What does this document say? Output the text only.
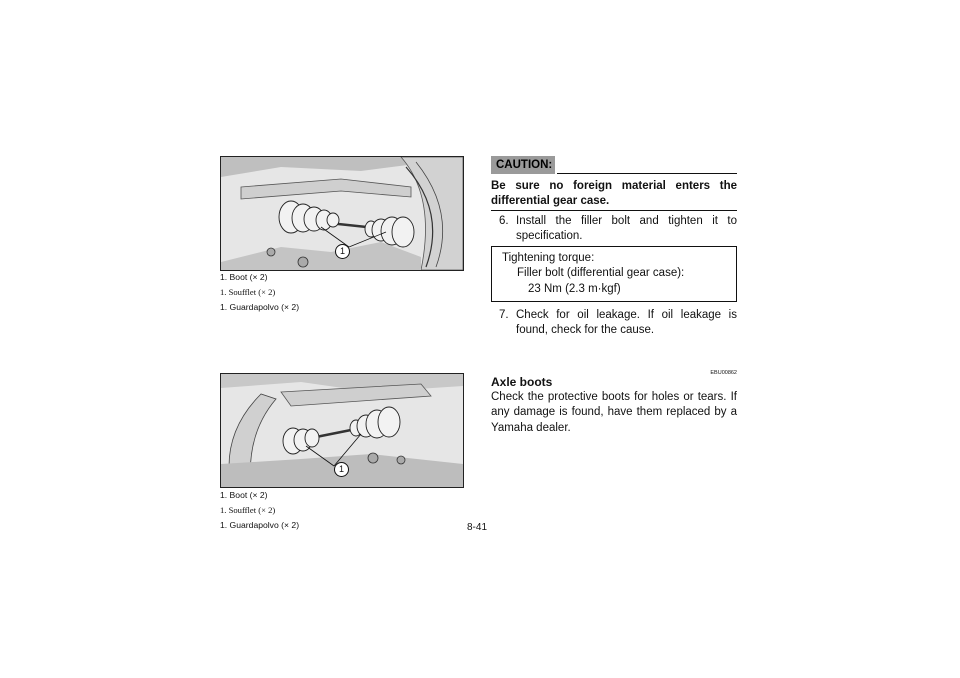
1
1. Boot (× 2)
1. Soufflet (× 2)
1. Guardapolvo (× 2)
1
1. Boot (× 2)
1. Soufflet (× 2)
1. Guardapolvo (× 2)
CAUTION:
Be sure no foreign material enters the differential gear case.
6. Install the filler bolt and tighten it to specification.
Tightening torque:
Filler bolt (differential gear case):
23 Nm (2.3 m·kgf)
7. Check for oil leakage. If oil leakage is found, check for the cause.
EBU00862
Axle boots
Check the protective boots for holes or tears. If any damage is found, have them replaced by a Yamaha dealer.
8-41
